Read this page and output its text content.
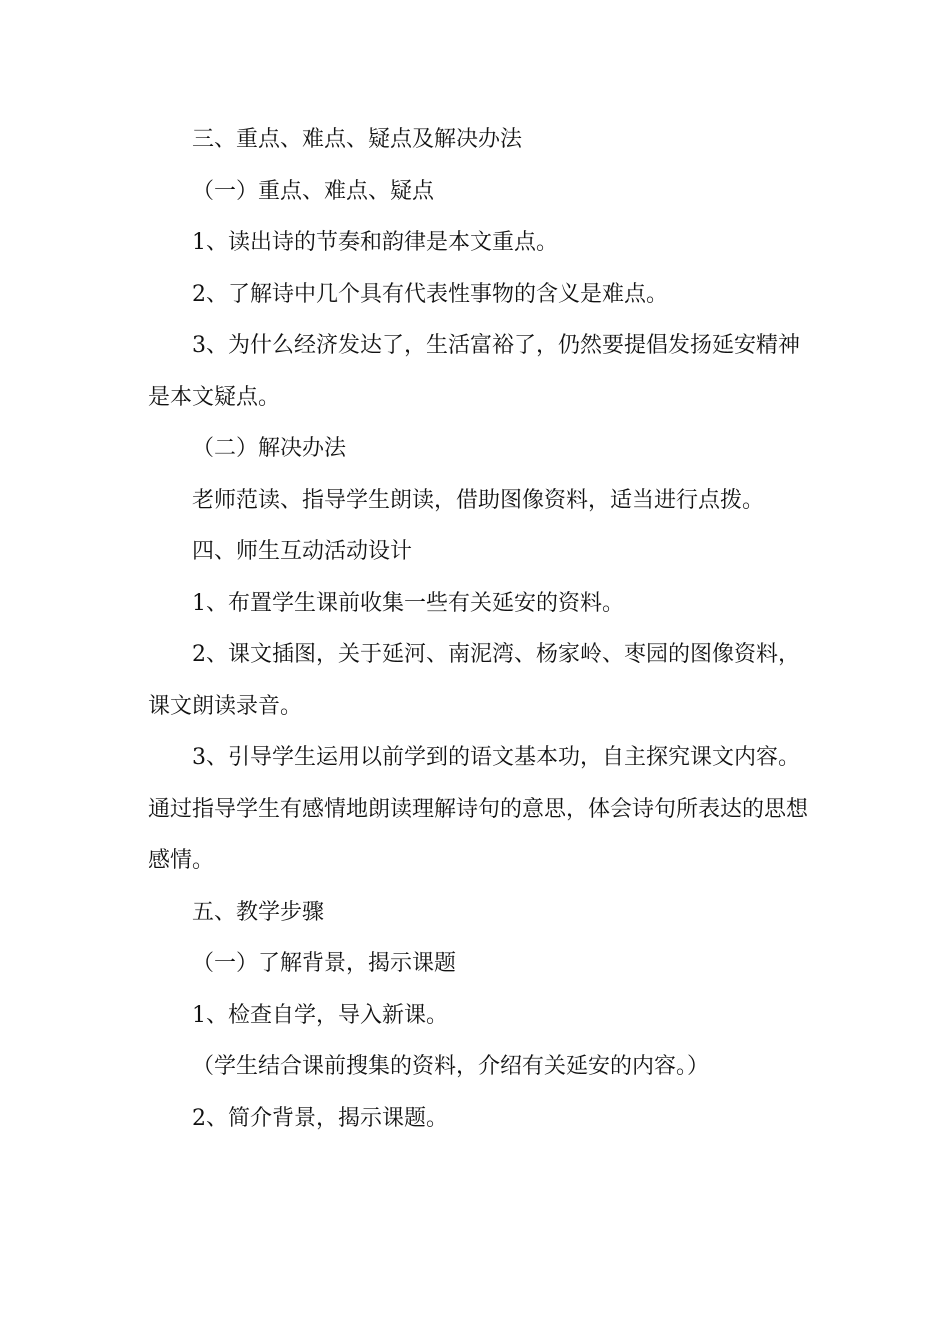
三、重点、难点、疑点及解决办法

（一）重点、难点、疑点

1、读出诗的节奏和韵律是本文重点。

2、了解诗中几个具有代表性事物的含义是难点。

3、为什么经济发达了，生活富裕了，仍然要提倡发扬延安精神是本文疑点。

（二）解决办法

老师范读、指导学生朗读，借助图像资料，适当进行点拨。

四、师生互动活动设计

1、布置学生课前收集一些有关延安的资料。

2、课文插图，关于延河、南泥湾、杨家岭、枣园的图像资料，课文朗读录音。

3、引导学生运用以前学到的语文基本功，自主探究课文内容。通过指导学生有感情地朗读理解诗句的意思，体会诗句所表达的思想感情。

五、教学步骤

（一）了解背景，揭示课题

1、检查自学，导入新课。

（学生结合课前搜集的资料，介绍有关延安的内容。）

2、简介背景，揭示课题。
